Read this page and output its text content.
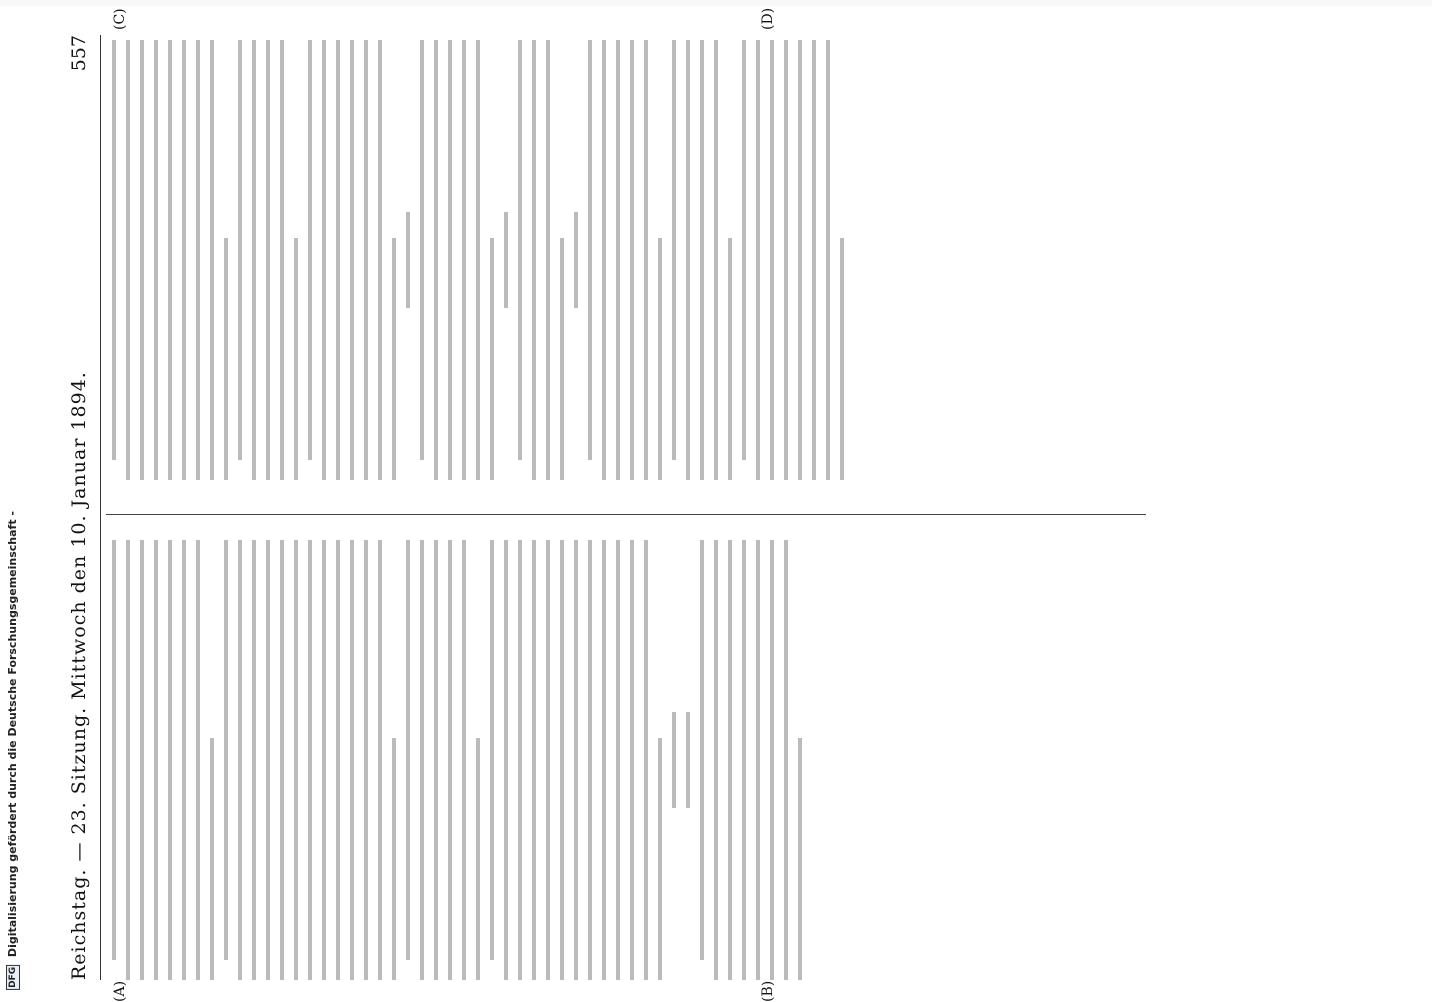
Reichstag. — 23. Sitzung. Mittwoch den 10. Januar 1894.
557
(A)	(B)
(C)	(D)
DFG Digitalisierung gefördert durch die Deutsche Forschungsgemeinschaft -
